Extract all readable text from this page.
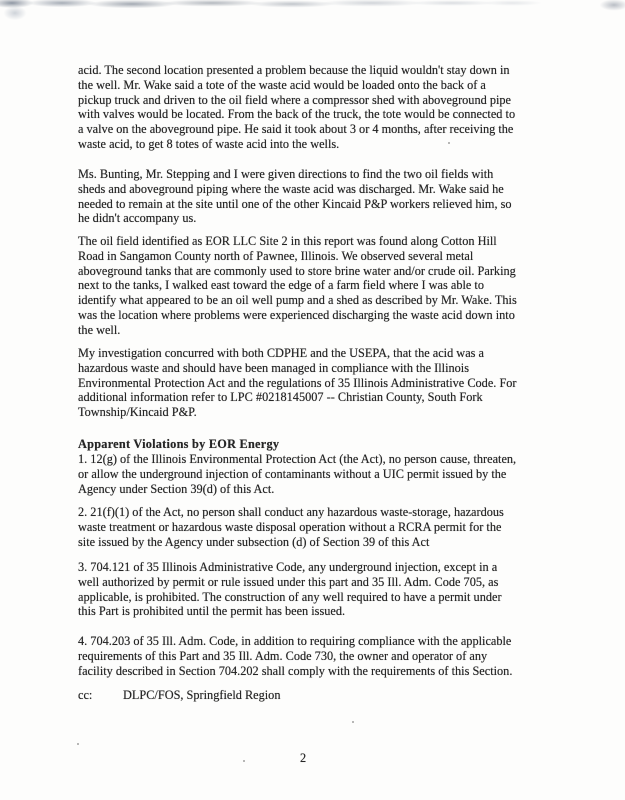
acid. The second location presented a problem because the liquid wouldn't stay down in
the well. Mr. Wake said a tote of the waste acid would be loaded onto the back of a
pickup truck and driven to the oil field where a compressor shed with aboveground pipe
with valves would be located. From the back of the truck, the tote would be connected to
a valve on the aboveground pipe. He said it took about 3 or 4 months, after receiving the
waste acid, to get 8 totes of waste acid into the wells.
Ms. Bunting, Mr. Stepping and I were given directions to find the two oil fields with
sheds and aboveground piping where the waste acid was discharged. Mr. Wake said he
needed to remain at the site until one of the other Kincaid P&P workers relieved him, so
he didn't accompany us.
The oil field identified as EOR LLC Site 2 in this report was found along Cotton Hill
Road in Sangamon County north of Pawnee, Illinois. We observed several metal
aboveground tanks that are commonly used to store brine water and/or crude oil. Parking
next to the tanks, I walked east toward the edge of a farm field where I was able to
identify what appeared to be an oil well pump and a shed as described by Mr. Wake. This
was the location where problems were experienced discharging the waste acid down into
the well.
My investigation concurred with both CDPHE and the USEPA, that the acid was a
hazardous waste and should have been managed in compliance with the Illinois
Environmental Protection Act and the regulations of 35 Illinois Administrative Code. For
additional information refer to LPC #0218145007 -- Christian County, South Fork
Township/Kincaid P&P.
Apparent Violations by EOR Energy
1. 12(g) of the Illinois Environmental Protection Act (the Act), no person cause, threaten,
or allow the underground injection of contaminants without a UIC permit issued by the
Agency under Section 39(d) of this Act.
2. 21(f)(1) of the Act, no person shall conduct any hazardous waste-storage, hazardous
waste treatment or hazardous waste disposal operation without a RCRA permit for the
site issued by the Agency under subsection (d) of Section 39 of this Act
3. 704.121 of 35 Illinois Administrative Code, any underground injection, except in a
well authorized by permit or rule issued under this part and 35 Ill. Adm. Code 705, as
applicable, is prohibited. The construction of any well required to have a permit under
this Part is prohibited until the permit has been issued.
4. 704.203 of 35 Ill. Adm. Code, in addition to requiring compliance with the applicable
requirements of this Part and 35 Ill. Adm. Code 730, the owner and operator of any
facility described in Section 704.202 shall comply with the requirements of this Section.
cc: DLPC/FOS, Springfield Region
2
